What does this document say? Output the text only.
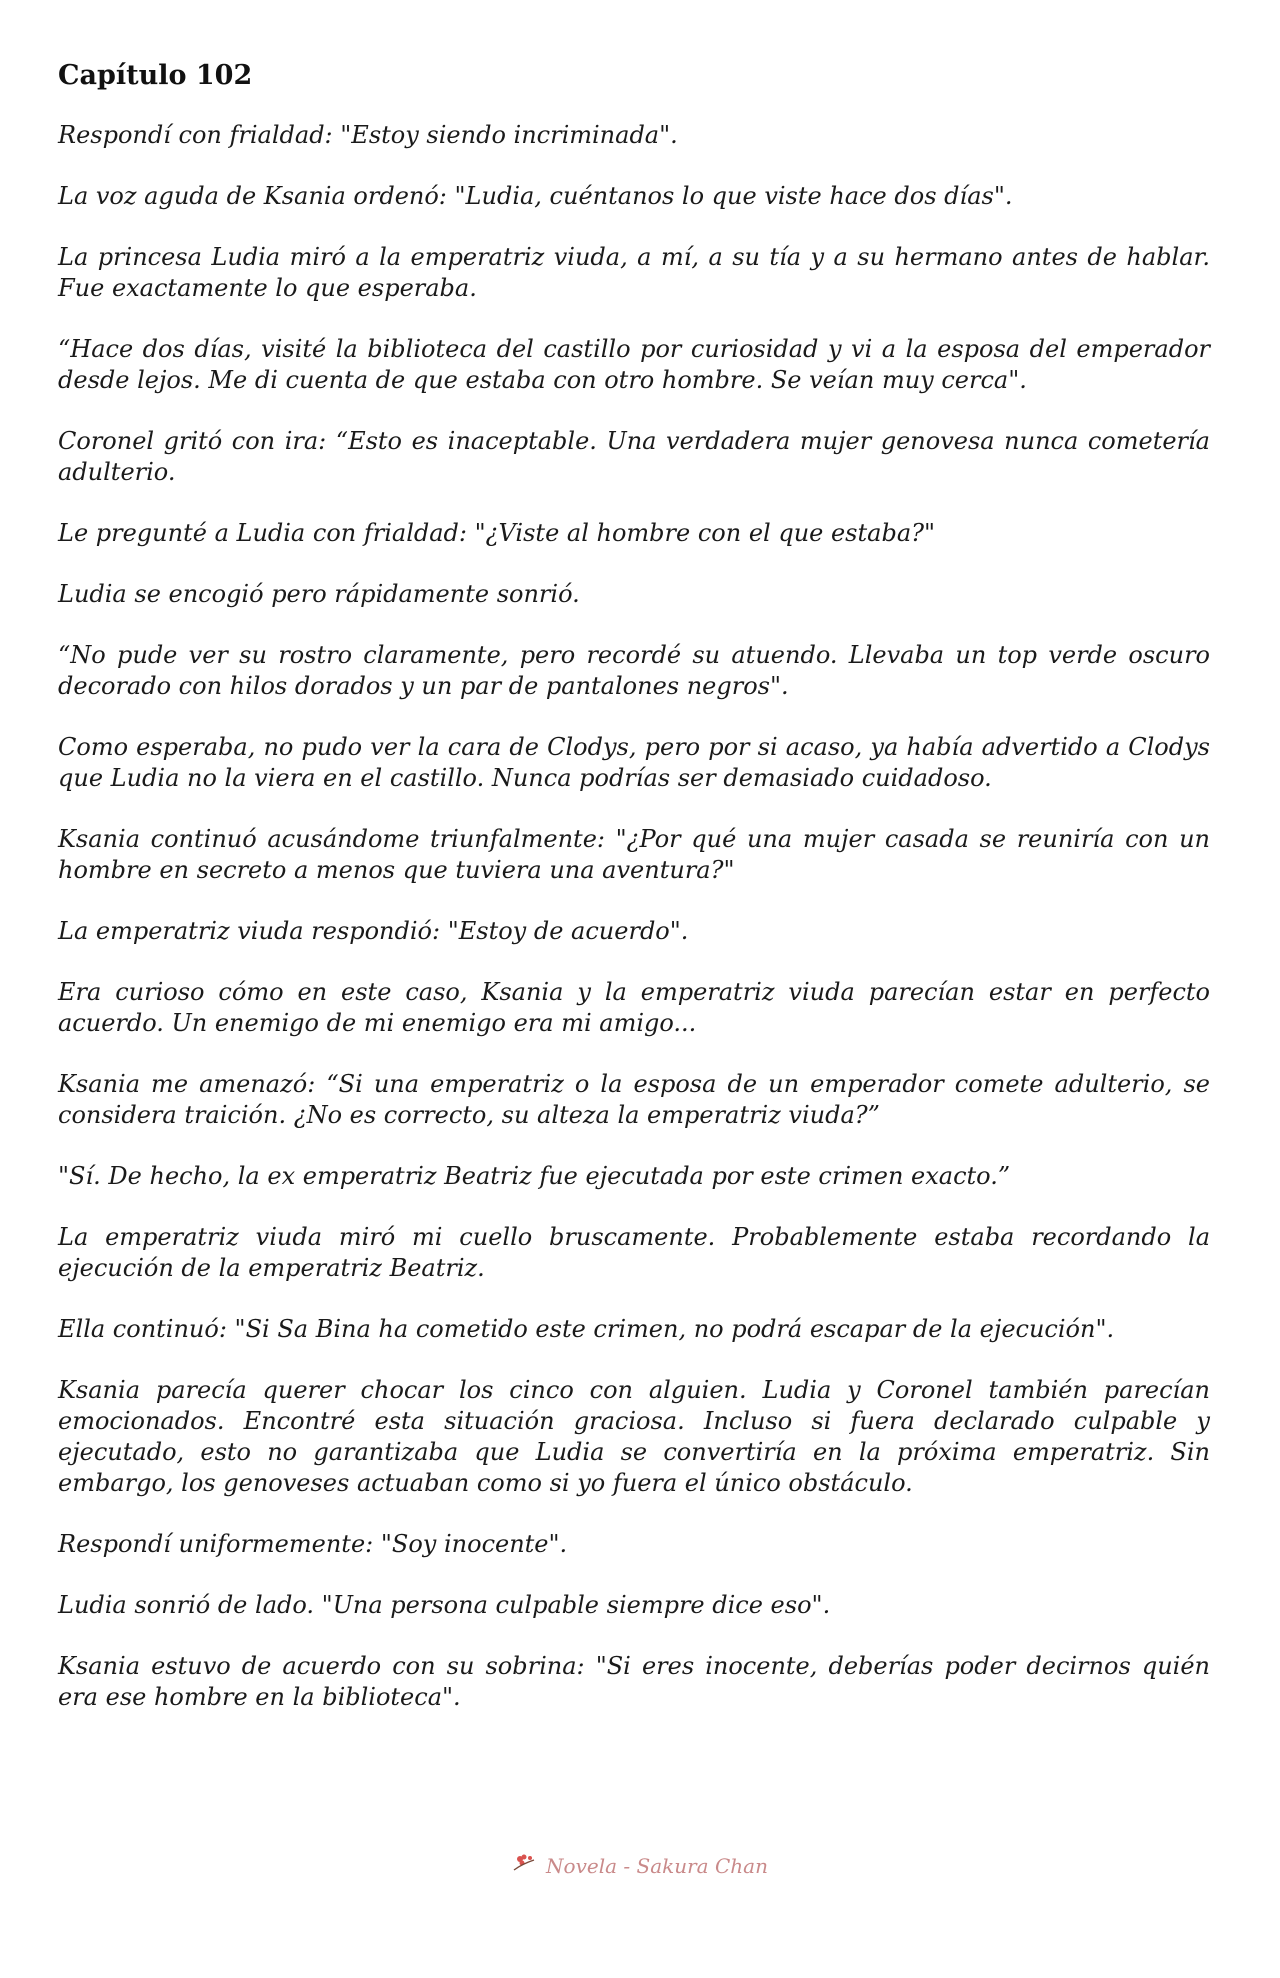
Capítulo 102

Respondí con frialdad: "Estoy siendo incriminada".

La voz aguda de Ksania ordenó: "Ludia, cuéntanos lo que viste hace dos días".

La princesa Ludia miró a la emperatriz viuda, a mí, a su tía y a su hermano antes de hablar. Fue exactamente lo que esperaba.

“Hace dos días, visité la biblioteca del castillo por curiosidad y vi a la esposa del emperador desde lejos. Me di cuenta de que estaba con otro hombre. Se veían muy cerca".

Coronel gritó con ira: “Esto es inaceptable. Una verdadera mujer genovesa nunca cometería adulterio.

Le pregunté a Ludia con frialdad: "¿Viste al hombre con el que estaba?"

Ludia se encogió pero rápidamente sonrió.

“No pude ver su rostro claramente, pero recordé su atuendo. Llevaba un top verde oscuro decorado con hilos dorados y un par de pantalones negros".

Como esperaba, no pudo ver la cara de Clodys, pero por si acaso, ya había advertido a Clodys que Ludia no la viera en el castillo. Nunca podrías ser demasiado cuidadoso.

Ksania continuó acusándome triunfalmente: "¿Por qué una mujer casada se reuniría con un hombre en secreto a menos que tuviera una aventura?"

La emperatriz viuda respondió: "Estoy de acuerdo".

Era curioso cómo en este caso, Ksania y la emperatriz viuda parecían estar en perfecto acuerdo. Un enemigo de mi enemigo era mi amigo...

Ksania me amenazó: “Si una emperatriz o la esposa de un emperador comete adulterio, se considera traición. ¿No es correcto, su alteza la emperatriz viuda?”

"Sí. De hecho, la ex emperatriz Beatriz fue ejecutada por este crimen exacto.”

La emperatriz viuda miró mi cuello bruscamente. Probablemente estaba recordando la ejecución de la emperatriz Beatriz.

Ella continuó: "Si Sa Bina ha cometido este crimen, no podrá escapar de la ejecución".

Ksania parecía querer chocar los cinco con alguien. Ludia y Coronel también parecían emocionados. Encontré esta situación graciosa. Incluso si fuera declarado culpable y ejecutado, esto no garantizaba que Ludia se convertiría en la próxima emperatriz. Sin embargo, los genoveses actuaban como si yo fuera el único obstáculo.

Respondí uniformemente: "Soy inocente".

Ludia sonrió de lado. "Una persona culpable siempre dice eso".

Ksania estuvo de acuerdo con su sobrina: "Si eres inocente, deberías poder decirnos quién era ese hombre en la biblioteca".

Novela - Sakura Chan
